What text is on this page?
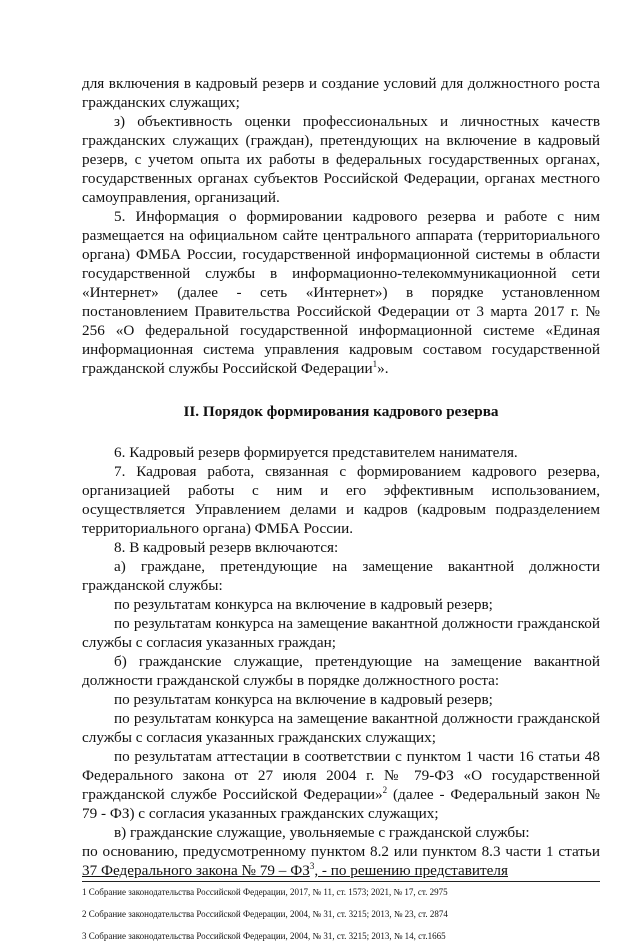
для включения в кадровый резерв и создание условий для должностного роста гражданских служащих;

з) объективность оценки профессиональных и личностных качеств гражданских служащих (граждан), претендующих на включение в кадровый резерв, с учетом опыта их работы в федеральных государственных органах, государственных органах субъектов Российской Федерации, органах местного самоуправления, организаций.

5. Информация о формировании кадрового резерва и работе с ним размещается на официальном сайте центрального аппарата (территориального органа) ФМБА России, государственной информационной системы в области государственной службы в информационно-телекоммуникационной сети «Интернет» (далее - сеть «Интернет») в порядке установленном постановлением Правительства Российской Федерации от 3 марта 2017 г. № 256 «О федеральной государственной информационной системе «Единая информационная система управления кадровым составом государственной гражданской службы Российской Федерации$^1$».

II. Порядок формирования кадрового резерва

6. Кадровый резерв формируется представителем нанимателя.

7. Кадровая работа, связанная с формированием кадрового резерва, организацией работы с ним и его эффективным использованием, осуществляется Управлением делами и кадров (кадровым подразделением территориального органа) ФМБА России.

8. В кадровый резерв включаются:

а) граждане, претендующие на замещение вакантной должности гражданской службы:

по результатам конкурса на включение в кадровый резерв;

по результатам конкурса на замещение вакантной должности гражданской службы с согласия указанных граждан;

б) гражданские служащие, претендующие на замещение вакантной должности гражданской службы в порядке должностного роста:

по результатам конкурса на включение в кадровый резерв;

по результатам конкурса на замещение вакантной должности гражданской службы с согласия указанных гражданских служащих;

по результатам аттестации в соответствии с пунктом 1 части 16 статьи 48 Федерального закона от 27 июля 2004 г. № 79-ФЗ «О государственной гражданской службе Российской Федерации»$^2$ (далее - Федеральный закон № 79 - ФЗ) с согласия указанных гражданских служащих;

в) гражданские служащие, увольняемые с гражданской службы:

по основанию, предусмотренному пунктом 8.2 или пунктом 8.3 части 1 статьи 37 Федерального закона № $79 - ФЗ^3$, - по решению представителя

1 Собрание законодательства Российской Федерации, 2017, № 11, ст. 1573; 2021, № 17, ст. 2975

2 Собрание законодательства Российской Федерации, 2004, № 31, ст. 3215; 2013, № 23, ст. 2874

3 Собрание законодательства Российской Федерации, 2004, № 31, ст. 3215; 2013, № 14, ст.1665
